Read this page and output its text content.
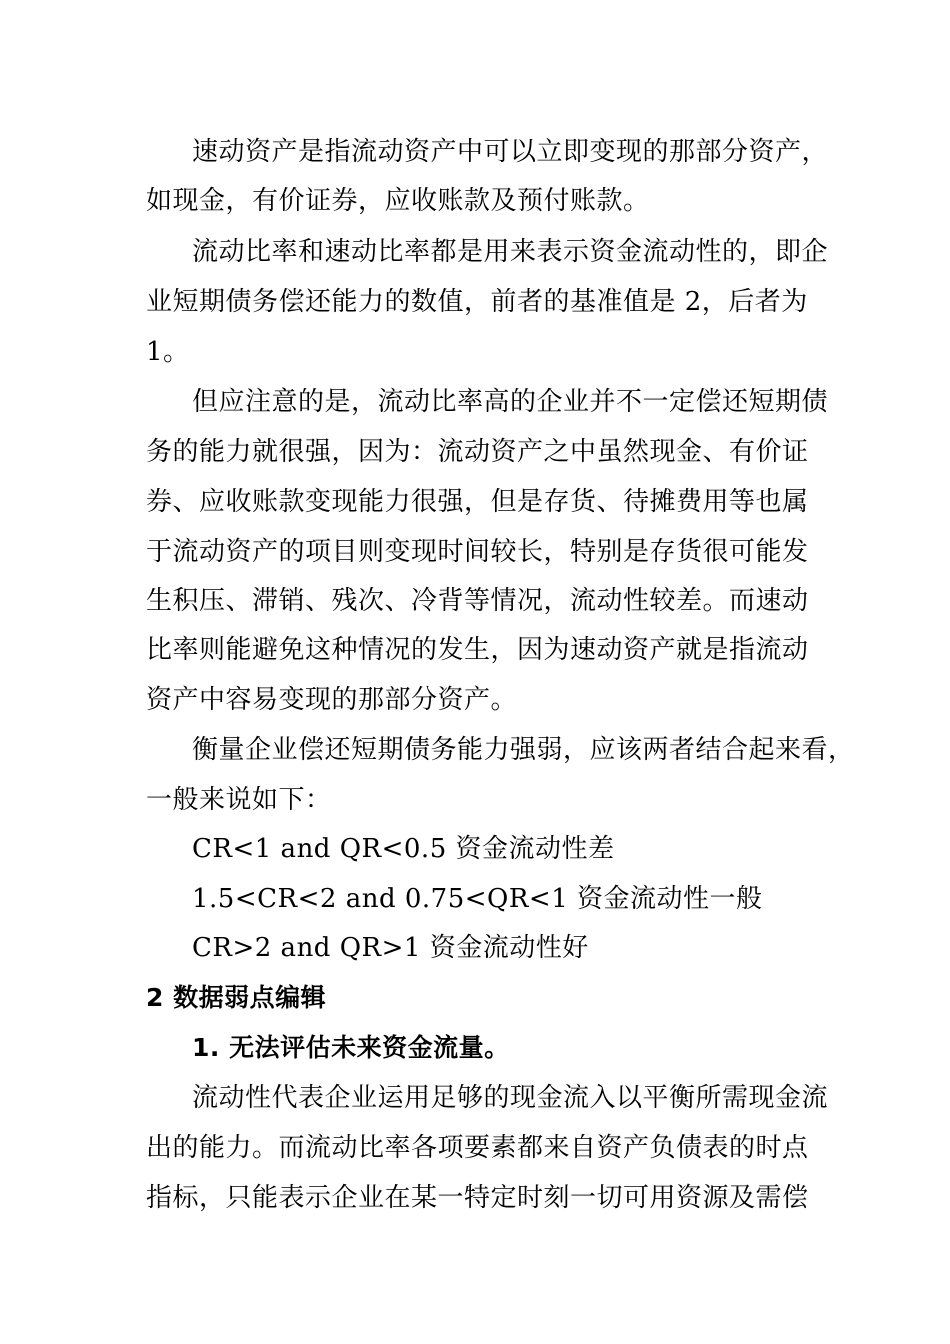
速动资产是指流动资产中可以立即变现的那部分资产，
如现金，有价证券，应收账款及预付账款。
流动比率和速动比率都是用来表示资金流动性的，即企
业短期债务偿还能力的数值，前者的基准值是 2，后者为
1。
但应注意的是，流动比率高的企业并不一定偿还短期债
务的能力就很强，因为：流动资产之中虽然现金、有价证
券、应收账款变现能力很强，但是存货、待摊费用等也属
于流动资产的项目则变现时间较长，特别是存货很可能发
生积压、滞销、残次、冷背等情况，流动性较差。而速动
比率则能避免这种情况的发生，因为速动资产就是指流动
资产中容易变现的那部分资产。
衡量企业偿还短期债务能力强弱，应该两者结合起来看，
一般来说如下：
CR<1 and QR<0.5 资金流动性差
1.5<CR<2 and 0.75<QR<1 资金流动性一般
CR>2 and QR>1 资金流动性好
2 数据弱点编辑
1. 无法评估未来资金流量。
流动性代表企业运用足够的现金流入以平衡所需现金流
出的能力。而流动比率各项要素都来自资产负债表的时点
指标，只能表示企业在某一特定时刻一切可用资源及需偿
